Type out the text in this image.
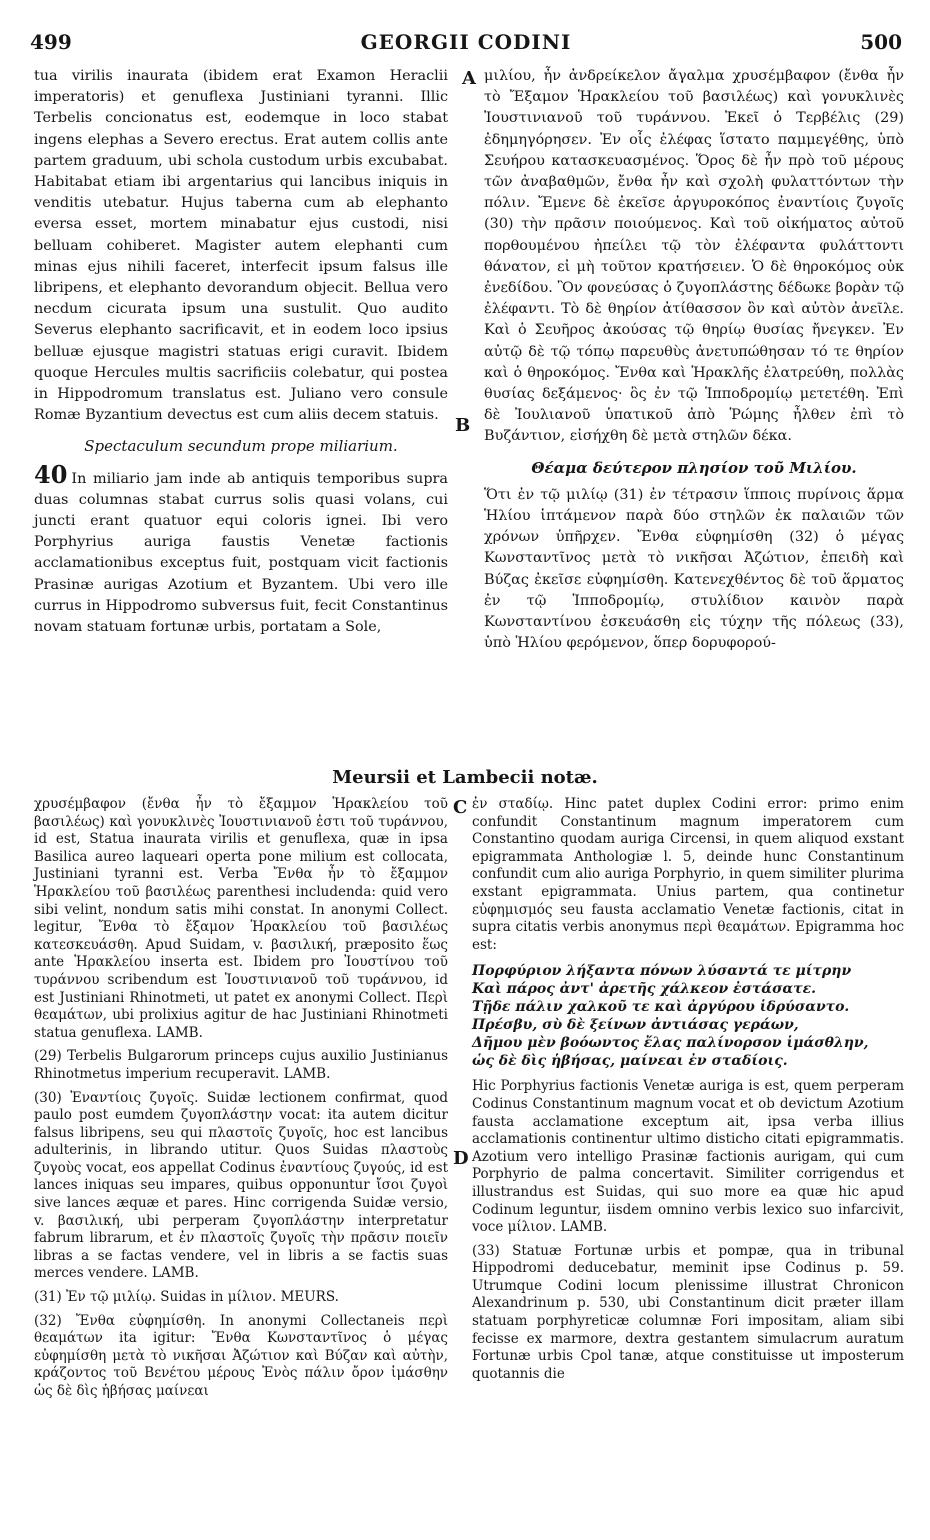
499	GEORGII CODINI	500

tua virilis inaurata (ibidem erat Examon Heraclii imperatoris) et genuflexa Justiniani tyranni. Illic Terbelis concionatus est, eodemque in loco stabat ingens elephas a Severo erectus. Erat autem collis ante partem graduum, ubi schola custodum urbis excubabat. Habitabat etiam ibi argentarius qui lancibus iniquis in venditis utebatur. Hujus taberna cum ab elephanto eversa esset, mortem minabatur ejus custodi, nisi belluam cohiberet. Magister autem elephanti cum minas ejus nihili faceret, interfecit ipsum falsus ille libripens, et elephanto devorandum objecit. Bellua vero necdum cicurata ipsum una sustulit. Quo audito Severus elephanto sacrificavit, et in eodem loco ipsius belluæ ejusque magistri statuas erigi curavit. Ibidem quoque Hercules multis sacrificiis colebatur, qui postea in Hippodromum translatus est. Juliano vero consule Romæ Byzantium devectus est cum aliis decem statuis.

Spectaculum secundum prope miliarium.

40 In miliario jam inde ab antiquis temporibus supra duas columnas stabat currus solis quasi volans, cui juncti erant quatuor equi coloris ignei. Ibi vero Porphyrius auriga faustis Venetæ factionis acclamationibus exceptus fuit, postquam vicit factionis Prasinæ aurigas Azotium et Byzantem. Ubi vero ille currus in Hippodromo subversus fuit, fecit Constantinus novam statuam fortunæ urbis, portatam a Sole,

μιλίου, ἦν ἀνδρείκελον ἄγαλμα χρυσέμβαφον (ἔνθα ἦν τὸ Ἔξαμον Ἡρακλείου τοῦ βασιλέως) καὶ γονυκλινὲς Ἰουστινιανοῦ τοῦ τυράννου. Ἐκεῖ ὁ Τερβέλις (29) ἐδημηγόρησεν. Ἐν οἷς ἐλέφας ἵστατο παμμεγέθης, ὑπὸ Σευήρου κατασκευασμένος. Ὅρος δὲ ἦν πρὸ τοῦ μέρους τῶν ἀναβαθμῶν, ἔνθα ἦν καὶ σχολὴ φυλαττόντων τὴν πόλιν. Ἔμενε δὲ ἐκεῖσε ἀργυροκόπος ἐναντίοις ζυγοῖς (30) τὴν πρᾶσιν ποιούμενος. Καὶ τοῦ οἰκήματος αὐτοῦ πορθουμένου ἠπείλει τῷ τὸν ἐλέφαντα φυλάττοντι θάνατον, εἰ μὴ τοῦτον κρατήσειεν. Ὁ δὲ θηροκόμος οὐκ ἐνεδίδου. Ὃν φονεύσας ὁ ζυγοπλάστης δέδωκε βορὰν τῷ ἐλέφαντι. Τὸ δὲ θηρίον ἀτίθασσον ὂν καὶ αὐτὸν ἀνεῖλε. Καὶ ὁ Σευῆρος ἀκούσας τῷ θηρίῳ θυσίας ἤνεγκεν. Ἐν αὐτῷ δὲ τῷ τόπῳ παρευθὺς ἀνετυπώθησαν τό τε θηρίον καὶ ὁ θηροκόμος. Ἔνθα καὶ Ἡρακλῆς ἐλατρεύθη, πολλὰς θυσίας δεξάμενος· ὃς ἐν τῷ Ἱπποδρομίῳ μετετέθη. Ἐπὶ δὲ Ἰουλιανοῦ ὑπατικοῦ ἀπὸ Ῥώμης ἦλθεν ἐπὶ τὸ Βυζάντιον, εἰσήχθη δὲ μετὰ στηλῶν δέκα.

Θέαμα δεύτερον πλησίον τοῦ Μιλίου.

Ὅτι ἐν τῷ μιλίῳ (31) ἐν τέτρασιν ἵπποις πυρίνοις ἅρμα Ἡλίου ἱπτάμενον παρὰ δύο στηλῶν ἐκ παλαιῶν τῶν χρόνων ὑπῆρχεν. Ἔνθα εὐφημίσθη (32) ὁ μέγας Κωνσταντῖνος μετὰ τὸ νικῆσαι Ἀζώτιον, ἐπειδὴ καὶ Βύζας ἐκεῖσε εὐφημίσθη. Κατενεχθέντος δὲ τοῦ ἅρματος ἐν τῷ Ἱπποδρομίῳ, στυλίδιον καινὸν παρὰ Κωνσταντίνου ἐσκευάσθη εἰς τύχην τῆς πόλεως (33), ὑπὸ Ἡλίου φερόμενον, ὅπερ δορυφορού-

A
B
Meursii et Lambecii notæ.

χρυσέμβαφον (ἔνθα ἦν τὸ ἔξαμμον Ἡρακλείου τοῦ βασιλέως) καὶ γονυκλινὲς Ἰουστινιανοῦ ἐστι τοῦ τυράννου, id est, Statua inaurata virilis et genuflexa, quæ in ipsa Basilica aureo laqueari operta pone milium est collocata, Justiniani tyranni est. Verba Ἔνθα ἦν τὸ ἔξαμμον Ἡρακλείου τοῦ βασιλέως parenthesi includenda: quid vero sibi velint, nondum satis mihi constat. In anonymi Collect. legitur, Ἔνθα τὸ ἔξαμον Ἡρακλείου τοῦ βασιλέως κατεσκευάσθη. Apud Suidam, v. βασιλική, præposito ἕως ante Ἡρακλείου inserta est. Ibidem pro Ἰουστίνου τοῦ τυράννου scribendum est Ἰουστινιανοῦ τοῦ τυράννου, id est Justiniani Rhinotmeti, ut patet ex anonymi Collect. Περὶ θεαμάτων, ubi prolixius agitur de hac Justiniani Rhinotmeti statua genuflexa. LAMB.

(29) Terbelis Bulgarorum princeps cujus auxilio Justinianus Rhinotmetus imperium recuperavit. LAMB.

(30) Ἐναντίοις ζυγοῖς. Suidæ lectionem confirmat, quod paulo post eumdem ζυγοπλάστην vocat: ita autem dicitur falsus libripens, seu qui πλαστοῖς ζυγοῖς, hoc est lancibus adulterinis, in librando utitur. Quos Suidas πλαστοὺς ζυγοὺς vocat, eos appellat Codinus ἐναντίους ζυγούς, id est lances iniquas seu impares, quibus opponuntur ἴσοι ζυγοὶ sive lances æquæ et pares. Hinc corrigenda Suidæ versio, v. βασιλική, ubi perperam ζυγοπλάστην interpretatur fabrum librarum, et ἐν πλαστοῖς ζυγοῖς τὴν πρᾶσιν ποιεῖν libras a se factas vendere, vel in libris a se factis suas merces vendere. LAMB.

(31) Ἐν τῷ μιλίῳ. Suidas in μίλιον. MEURS.

(32) Ἔνθα εὐφημίσθη. In anonymi Collectaneis περὶ θεαμάτων ita igitur: Ἔνθα Κωνσταντῖνος ὁ μέγας εὐφημίσθη μετὰ τὸ νικῆσαι Ἀζώτιον καὶ Βύζαν καὶ αὐτὴν, κράζοντος τοῦ Βενέτου μέρους Ἐνὸς πάλιν ὄρον ἱμάσθην ὡς δὲ δὶς ἡβήσας μαίνεαι

ἐν σταδίῳ. Hinc patet duplex Codini error: primo enim confundit Constantinum magnum imperatorem cum Constantino quodam auriga Circensi, in quem aliquod exstant epigrammata Anthologiæ l. 5, deinde hunc Constantinum confundit cum alio auriga Porphyrio, in quem similiter plurima exstant epigrammata. Unius partem, qua continetur εὐφημισμός seu fausta acclamatio Venetæ factionis, citat in supra citatis verbis anonymus περὶ θεαμάτων. Epigramma hoc est:

Πορφύριον λήξαντα πόνων λύσαντά τε μίτρην
Καὶ πάρος ἀντ' ἀρετῆς χάλκεον ἐστάσατε.
Τῇδε πάλιν χαλκοῦ τε καὶ ἀργύρου ἱδρύσαντο.
Πρέσβυ, σὺ δὲ ξείνων ἀντιάσας γεράων,
Δῆμου μὲν βοόωντος ἔλας παλίνορσον ἱμάσθλην,
ὡς δὲ δὶς ἡβήσας, μαίνεαι ἐν σταδίοις.

Hic Porphyrius factionis Venetæ auriga is est, quem perperam Codinus Constantinum magnum vocat et ob devictum Azotium fausta acclamatione exceptum ait, ipsa verba illius acclamationis continentur ultimo disticho citati epigrammatis. Azotium vero intelligo Prasinæ factionis aurigam, qui cum Porphyrio de palma concertavit. Similiter corrigendus et illustrandus est Suidas, qui suo more ea quæ hic apud Codinum leguntur, iisdem omnino verbis lexico suo infarcivit, voce μίλιον. LAMB.

(33) Statuæ Fortunæ urbis et pompæ, qua in tribunal Hippodromi deducebatur, meminit ipse Codinus p. 59. Utrumque Codini locum plenissime illustrat Chronicon Alexandrinum p. 530, ubi Constantinum dicit præter illam statuam porphyreticæ columnæ Fori impositam, aliam sibi fecisse ex marmore, dextra gestantem simulacrum auratum Fortunæ urbis Cpol tanæ, atque constituisse ut imposterum quotannis die

C
D
